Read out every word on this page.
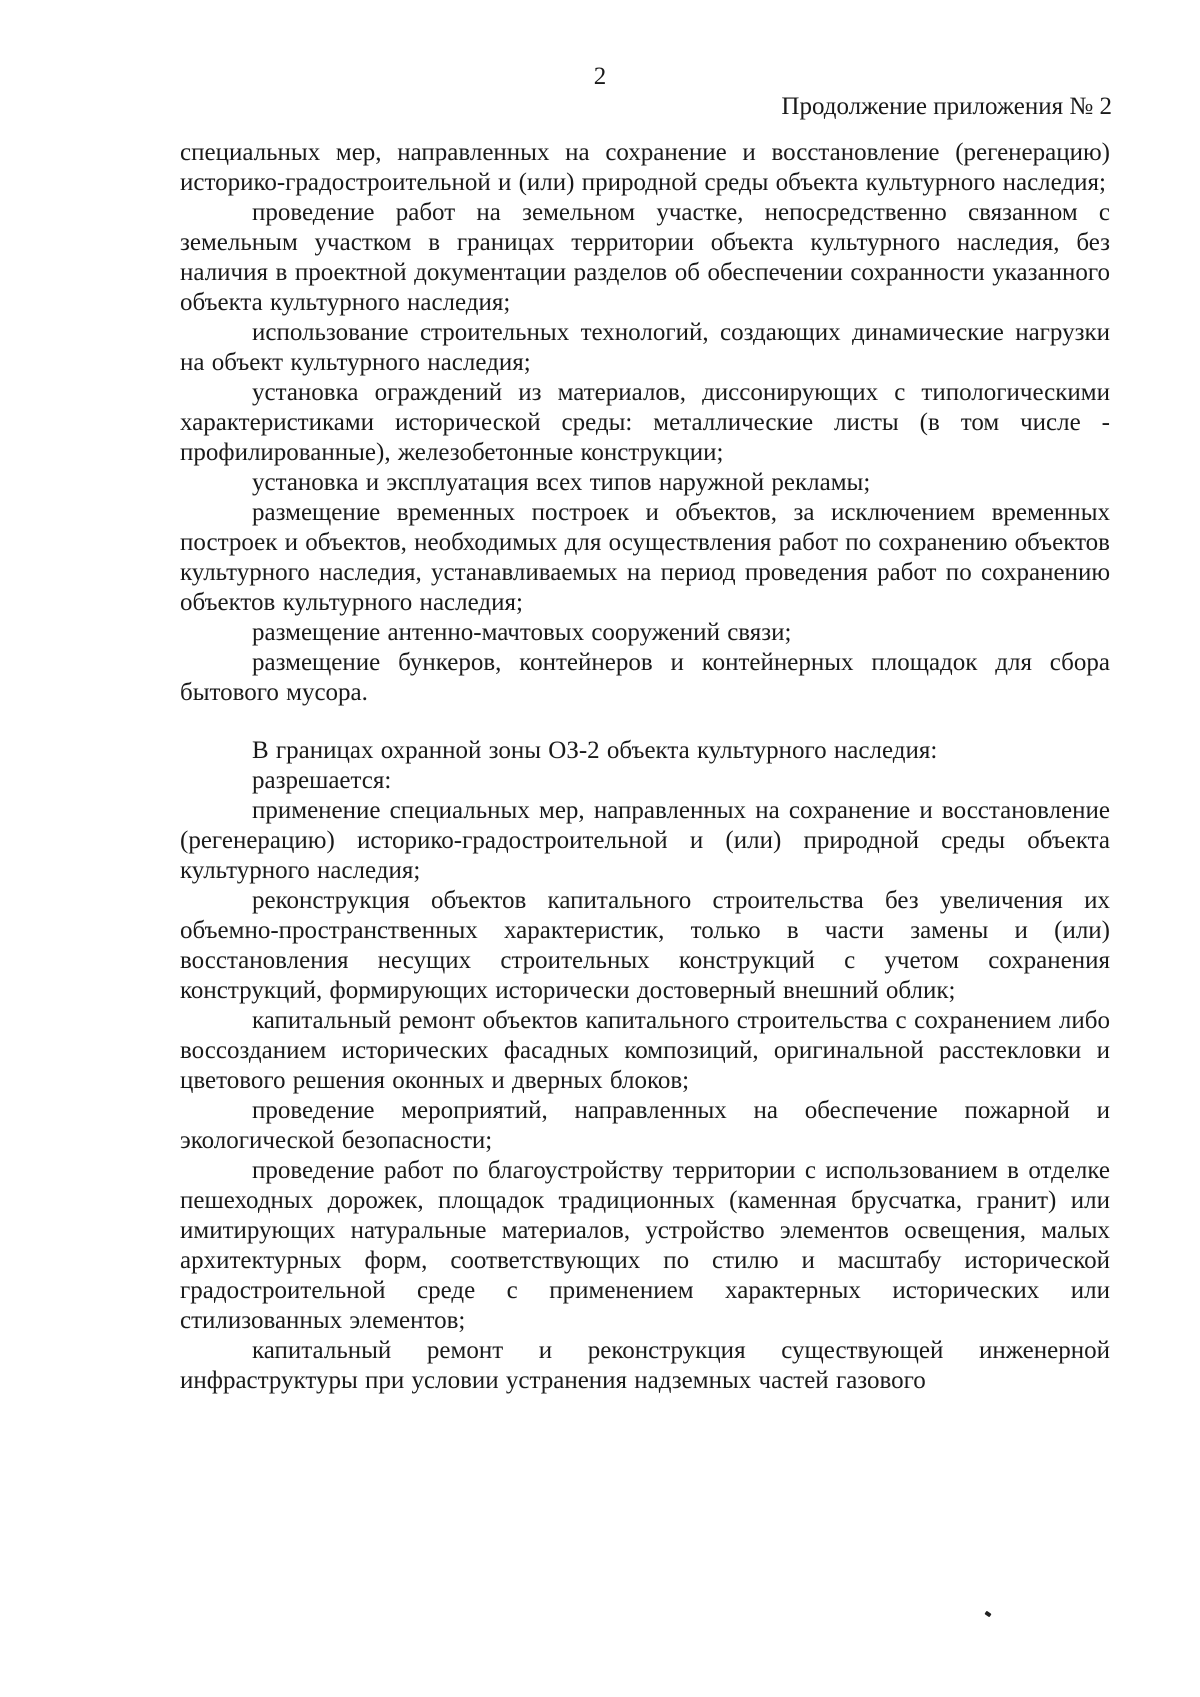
2
Продолжение приложения № 2

специальных мер, направленных на сохранение и восстановление (регенерацию) историко-градостроительной и (или) природной среды объекта культурного наследия;

проведение работ на земельном участке, непосредственно связанном с земельным участком в границах территории объекта культурного наследия, без наличия в проектной документации разделов об обеспечении сохранности указанного объекта культурного наследия;

использование строительных технологий, создающих динамические нагрузки на объект культурного наследия;

установка ограждений из материалов, диссонирующих с типологическими характеристиками исторической среды: металлические листы (в том числе - профилированные), железобетонные конструкции;

установка и эксплуатация всех типов наружной рекламы;

размещение временных построек и объектов, за исключением временных построек и объектов, необходимых для осуществления работ по сохранению объектов культурного наследия, устанавливаемых на период проведения работ по сохранению объектов культурного наследия;

размещение антенно-мачтовых сооружений связи;

размещение бункеров, контейнеров и контейнерных площадок для сбора бытового мусора.

В границах охранной зоны ОЗ-2 объекта культурного наследия:

разрешается:

применение специальных мер, направленных на сохранение и восстановление (регенерацию) историко-градостроительной и (или) природной среды объекта культурного наследия;

реконструкция объектов капитального строительства без увеличения их объемно-пространственных характеристик, только в части замены и (или) восстановления несущих строительных конструкций с учетом сохранения конструкций, формирующих исторически достоверный внешний облик;

капитальный ремонт объектов капитального строительства с сохранением либо воссозданием исторических фасадных композиций, оригинальной расстекловки и цветового решения оконных и дверных блоков;

проведение мероприятий, направленных на обеспечение пожарной и экологической безопасности;

проведение работ по благоустройству территории с использованием в отделке пешеходных дорожек, площадок традиционных (каменная брусчатка, гранит) или имитирующих натуральные материалов, устройство элементов освещения, малых архитектурных форм, соответствующих по стилю и масштабу исторической градостроительной среде с применением характерных исторических или стилизованных элементов;

капитальный ремонт и реконструкция существующей инженерной инфраструктуры при условии устранения надземных частей газового
